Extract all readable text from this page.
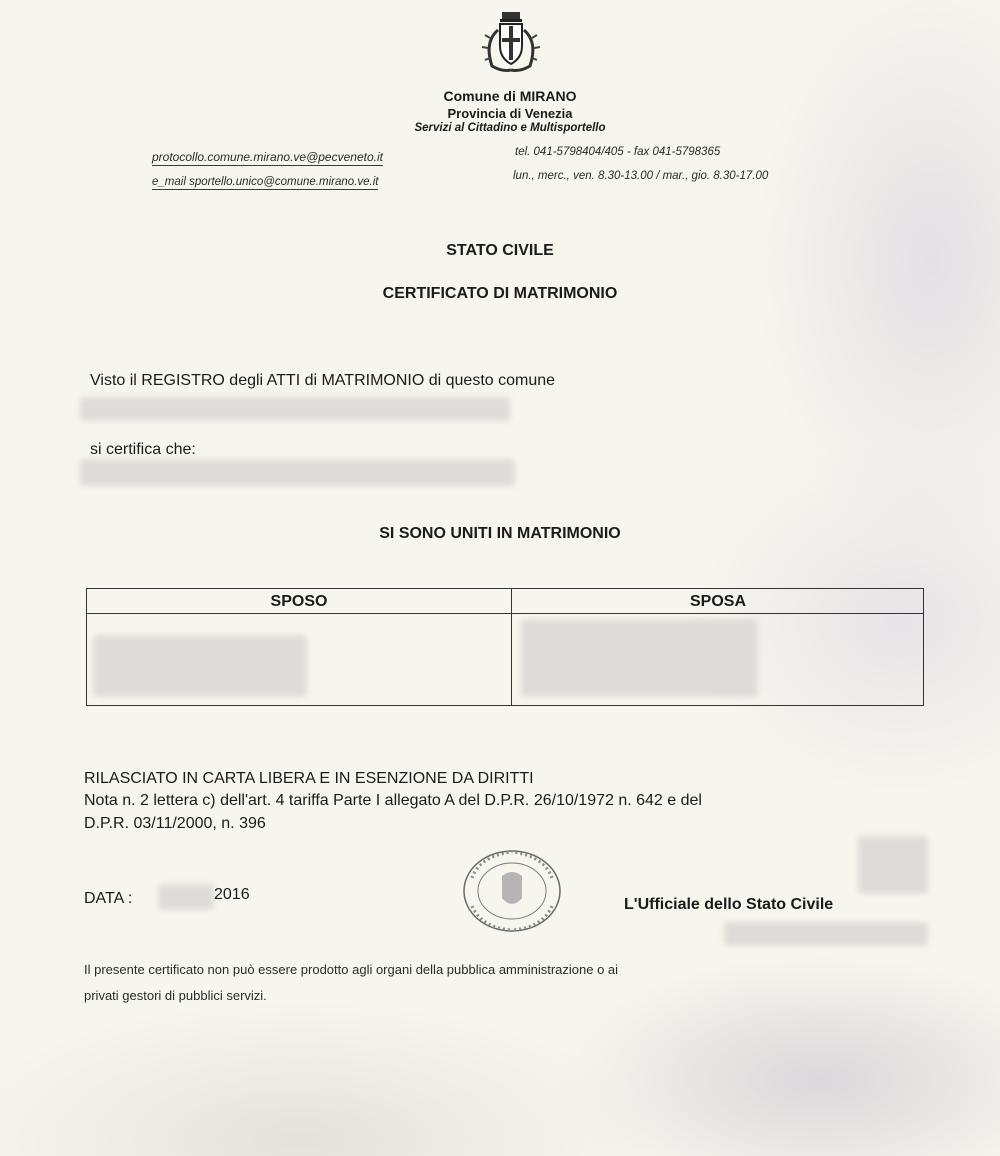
Comune di MIRANO
Provincia di Venezia
Servizi al Cittadino e Multisportello
protocollo.comune.mirano.ve@pecveneto.it	tel. 041-5798404/405 - fax 041-5798365
e_mail sportello.unico@comune.mirano.ve.it	lun., merc., ven. 8.30-13.00 / mar., gio. 8.30-17.00
STATO CIVILE
CERTIFICATO DI MATRIMONIO
Visto il REGISTRO degli ATTI di MATRIMONIO di questo comune
si certifica che:
SI SONO UNITI IN MATRIMONIO
SPOSO	SPOSA
RILASCIATO IN CARTA LIBERA E IN ESENZIONE DA DIRITTI
Nota n. 2 lettera c) dell'art. 4 tariffa Parte I allegato A del D.P.R. 26/10/1972 n. 642 e del
D.P.R. 03/11/2000, n. 396
DATA :	2016
L'Ufficiale dello Stato Civile
Il presente certificato non può essere prodotto agli organi della pubblica amministrazione o ai
privati gestori di pubblici servizi.
